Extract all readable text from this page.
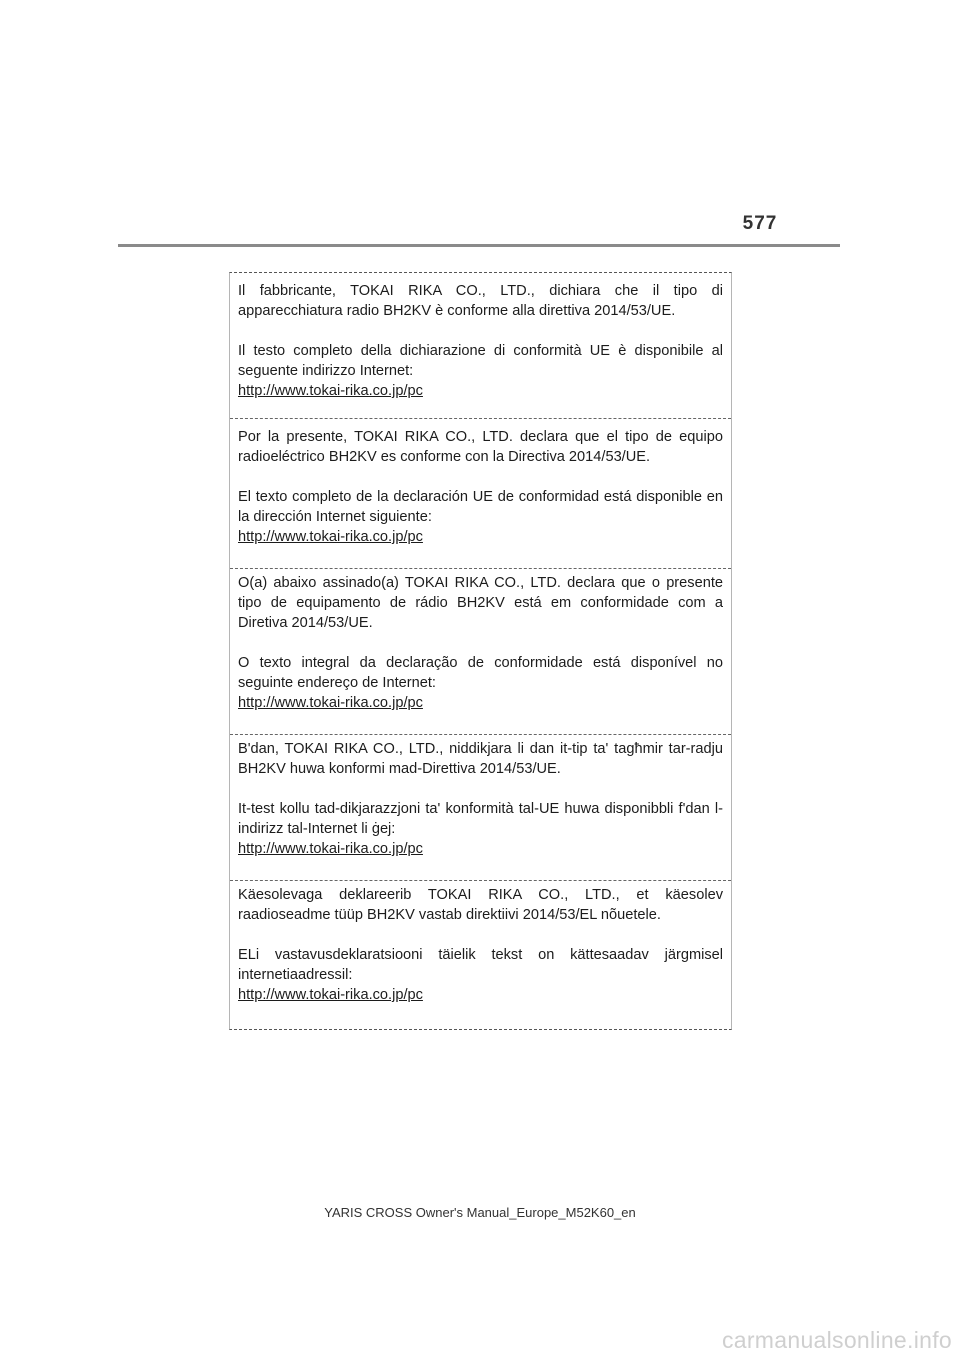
577

Il fabbricante, TOKAI RIKA CO., LTD., dichiara che il tipo di apparecchiatura radio BH2KV è conforme alla direttiva 2014/53/UE.

Il testo completo della dichiarazione di conformità UE è disponibile al seguente indirizzo Internet:

http://www.tokai-rika.co.jp/pc

Por la presente, TOKAI RIKA CO., LTD. declara que el tipo de equipo radioeléctrico BH2KV es conforme con la Directiva 2014/53/UE.

El texto completo de la declaración UE de conformidad está disponible en la dirección Internet siguiente:

http://www.tokai-rika.co.jp/pc

O(a) abaixo assinado(a) TOKAI RIKA CO., LTD. declara que o presente tipo de equipamento de rádio BH2KV está em conformidade com a Diretiva 2014/53/UE.

O texto integral da declaração de conformidade está disponível no seguinte endereço de Internet:

http://www.tokai-rika.co.jp/pc

B'dan, TOKAI RIKA CO., LTD., niddikjara li dan it-tip ta' tagħmir tar-radju BH2KV huwa konformi mad-Direttiva 2014/53/UE.

It-test kollu tad-dikjarazzjoni ta' konformità tal-UE huwa disponibbli f'dan l-indirizz tal-Internet li ġej:

http://www.tokai-rika.co.jp/pc

Käesolevaga deklareerib TOKAI RIKA CO., LTD., et käesolev raadioseadme tüüp BH2KV vastab direktiivi 2014/53/EL nõuetele.

ELi vastavusdeklaratsiooni täielik tekst on kättesaadav järgmisel internetiaadressil:

http://www.tokai-rika.co.jp/pc
YARIS CROSS Owner's Manual_Europe_M52K60_en
carmanualsonline.info
